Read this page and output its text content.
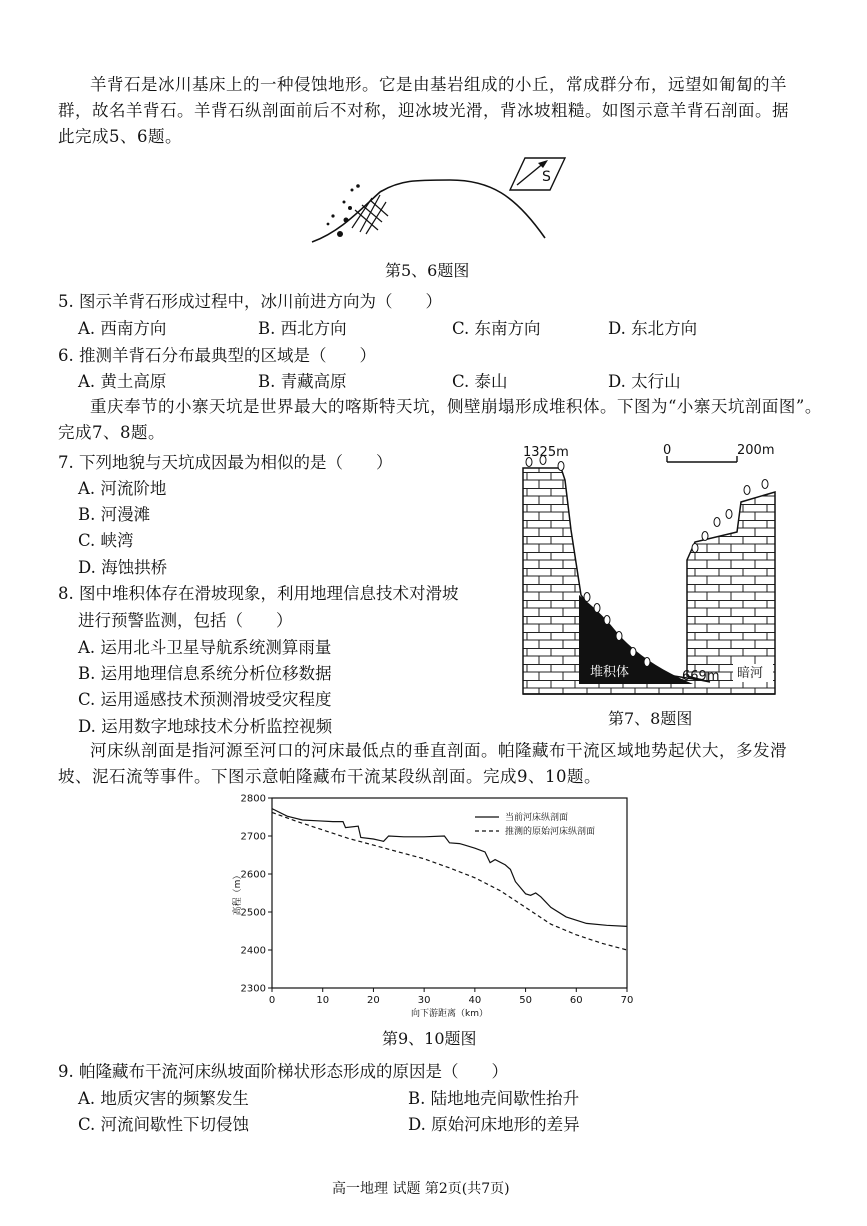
羊背石是冰川基床上的一种侵蚀地形。它是由基岩组成的小丘，常成群分布，远望如匍匐的羊
群，故名羊背石。羊背石纵剖面前后不对称，迎冰坡光滑，背冰坡粗糙。如图示意羊背石剖面。据
此完成5、6题。
S
第5、6题图
5. 图示羊背石形成过程中，冰川前进方向为（　　）
A. 西南方向	B. 西北方向	C. 东南方向	D. 东北方向
6. 推测羊背石分布最典型的区域是（　　）
A. 黄土高原	B. 青藏高原	C. 泰山	D. 太行山
重庆奉节的小寨天坑是世界最大的喀斯特天坑，侧壁崩塌形成堆积体。下图为“小寨天坑剖面图”。
完成7、8题。
7. 下列地貌与天坑成因最为相似的是（　　）
A. 河流阶地
B. 河漫滩
C. 峡湾
D. 海蚀拱桥
8. 图中堆积体存在滑坡现象，利用地理信息技术对滑坡
进行预警监测，包括（　　）
A. 运用北斗卫星导航系统测算雨量
B. 运用地理信息系统分析位移数据
C. 运用遥感技术预测滑坡受灾程度
D. 运用数字地球技术分析监控视频
1325m	0	200m
堆积体	669m 暗河
第7、8题图
河床纵剖面是指河源至河口的河床最低点的垂直剖面。帕隆藏布干流区域地势起伏大，多发滑
坡、泥石流等事件。下图示意帕隆藏布干流某段纵剖面。完成9、10题。
0	10	20	30	40	50	60	70
2300
2400
2500
2600
2700
2800
向下游距离（km）
高程（m）
当前河床纵剖面
推测的原始河床纵剖面
第9、10题图
9. 帕隆藏布干流河床纵坡面阶梯状形态形成的原因是（　　）
A. 地质灾害的频繁发生	B. 陆地地壳间歇性抬升
C. 河流间歇性下切侵蚀	D. 原始河床地形的差异
高一地理 试题 第2页(共7页)
